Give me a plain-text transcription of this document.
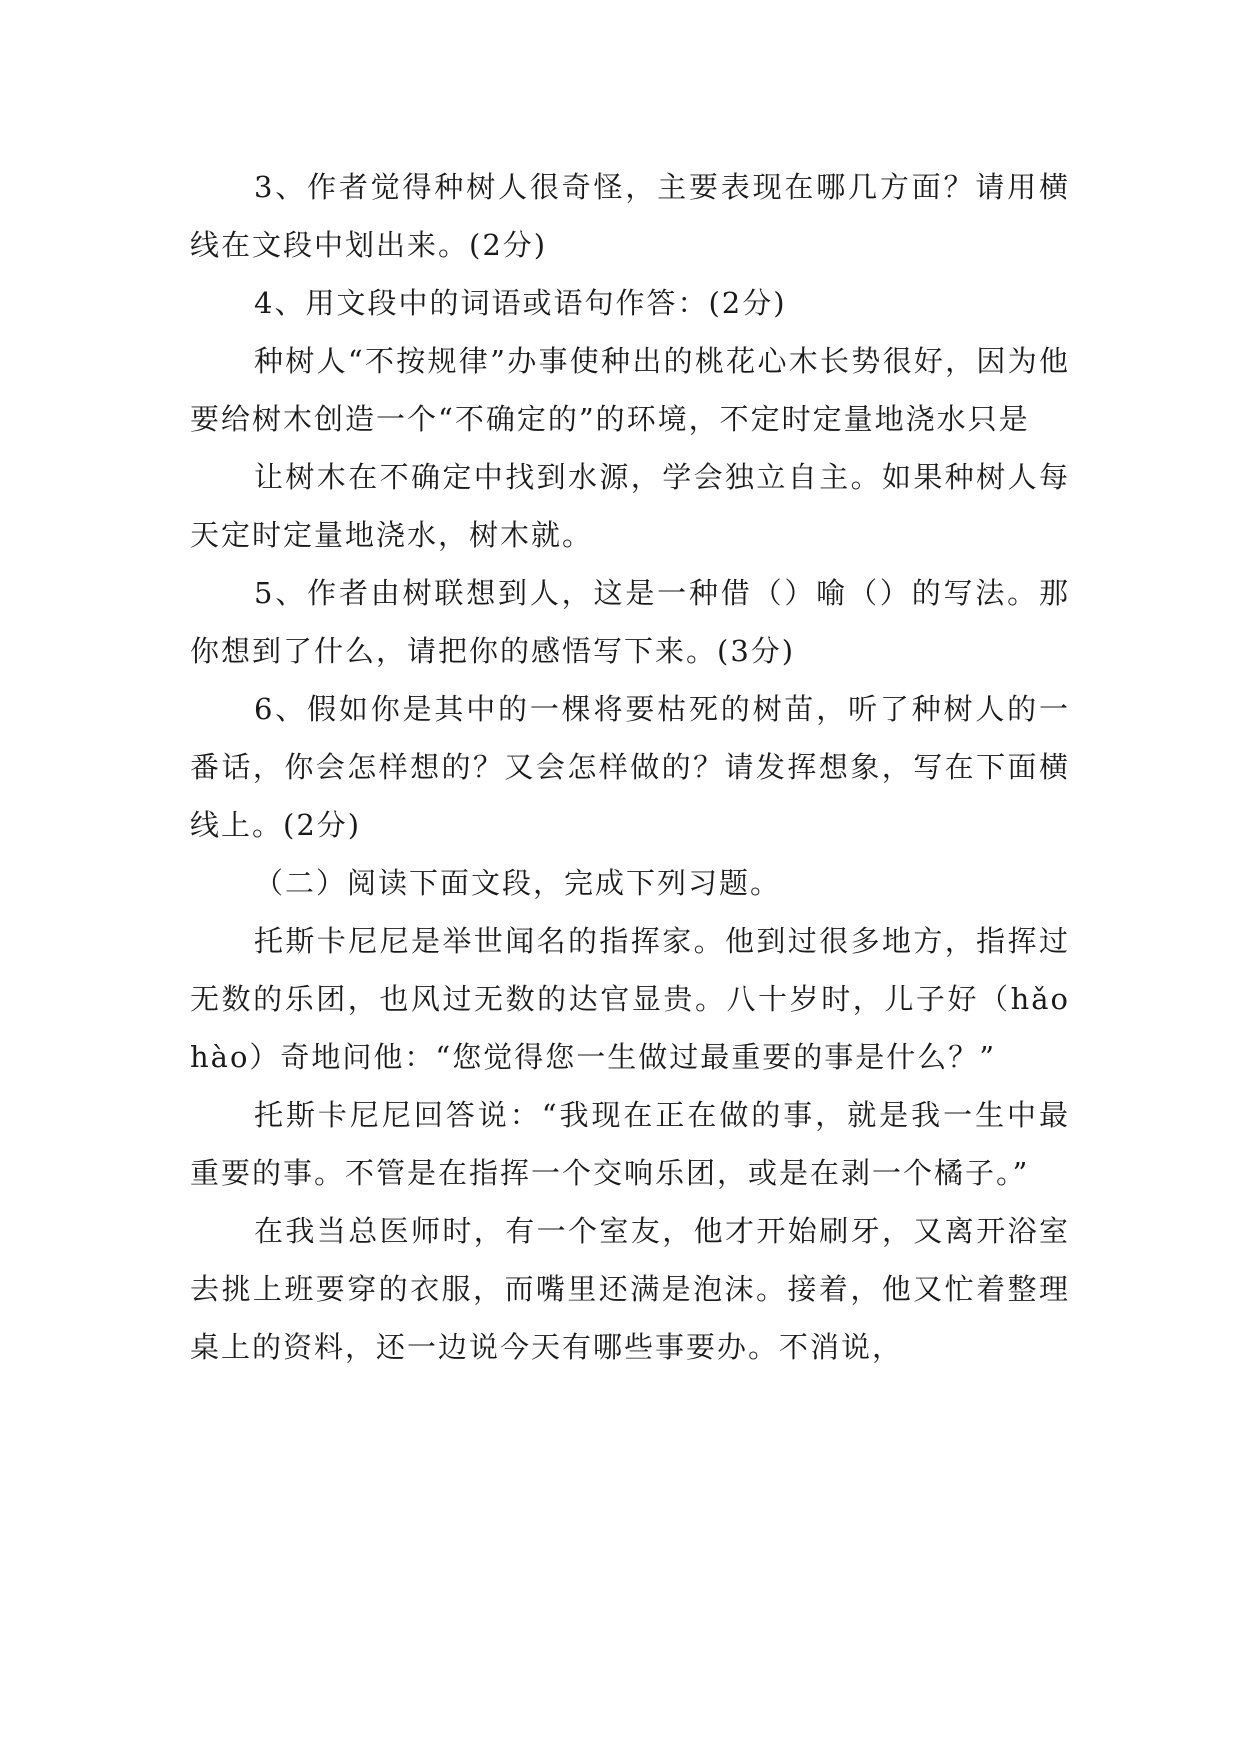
3、作者觉得种树人很奇怪，主要表现在哪几方面？请用横线在文段中划出来。(2分)

4、用文段中的词语或语句作答：(2分)

种树人“不按规律”办事使种出的桃花心木长势很好，因为他要给树木创造一个“不确定的”的环境，不定时定量地浇水只是

让树木在不确定中找到水源，学会独立自主。如果种树人每天定时定量地浇水，树木就。

5、作者由树联想到人，这是一种借（）喻（）的写法。那你想到了什么，请把你的感悟写下来。(3分)

6、假如你是其中的一棵将要枯死的树苗，听了种树人的一番话，你会怎样想的？又会怎样做的？请发挥想象，写在下面横线上。(2分)

（二）阅读下面文段，完成下列习题。

托斯卡尼尼是举世闻名的指挥家。他到过很多地方，指挥过无数的乐团，也风过无数的达官显贵。八十岁时，儿子好（hǎo hào）奇地问他：“您觉得您一生做过最重要的事是什么？”

托斯卡尼尼回答说：“我现在正在做的事，就是我一生中最重要的事。不管是在指挥一个交响乐团，或是在剥一个橘子。”

在我当总医师时，有一个室友，他才开始刷牙，又离开浴室去挑上班要穿的衣服，而嘴里还满是泡沫。接着，他又忙着整理桌上的资料，还一边说今天有哪些事要办。不消说，
